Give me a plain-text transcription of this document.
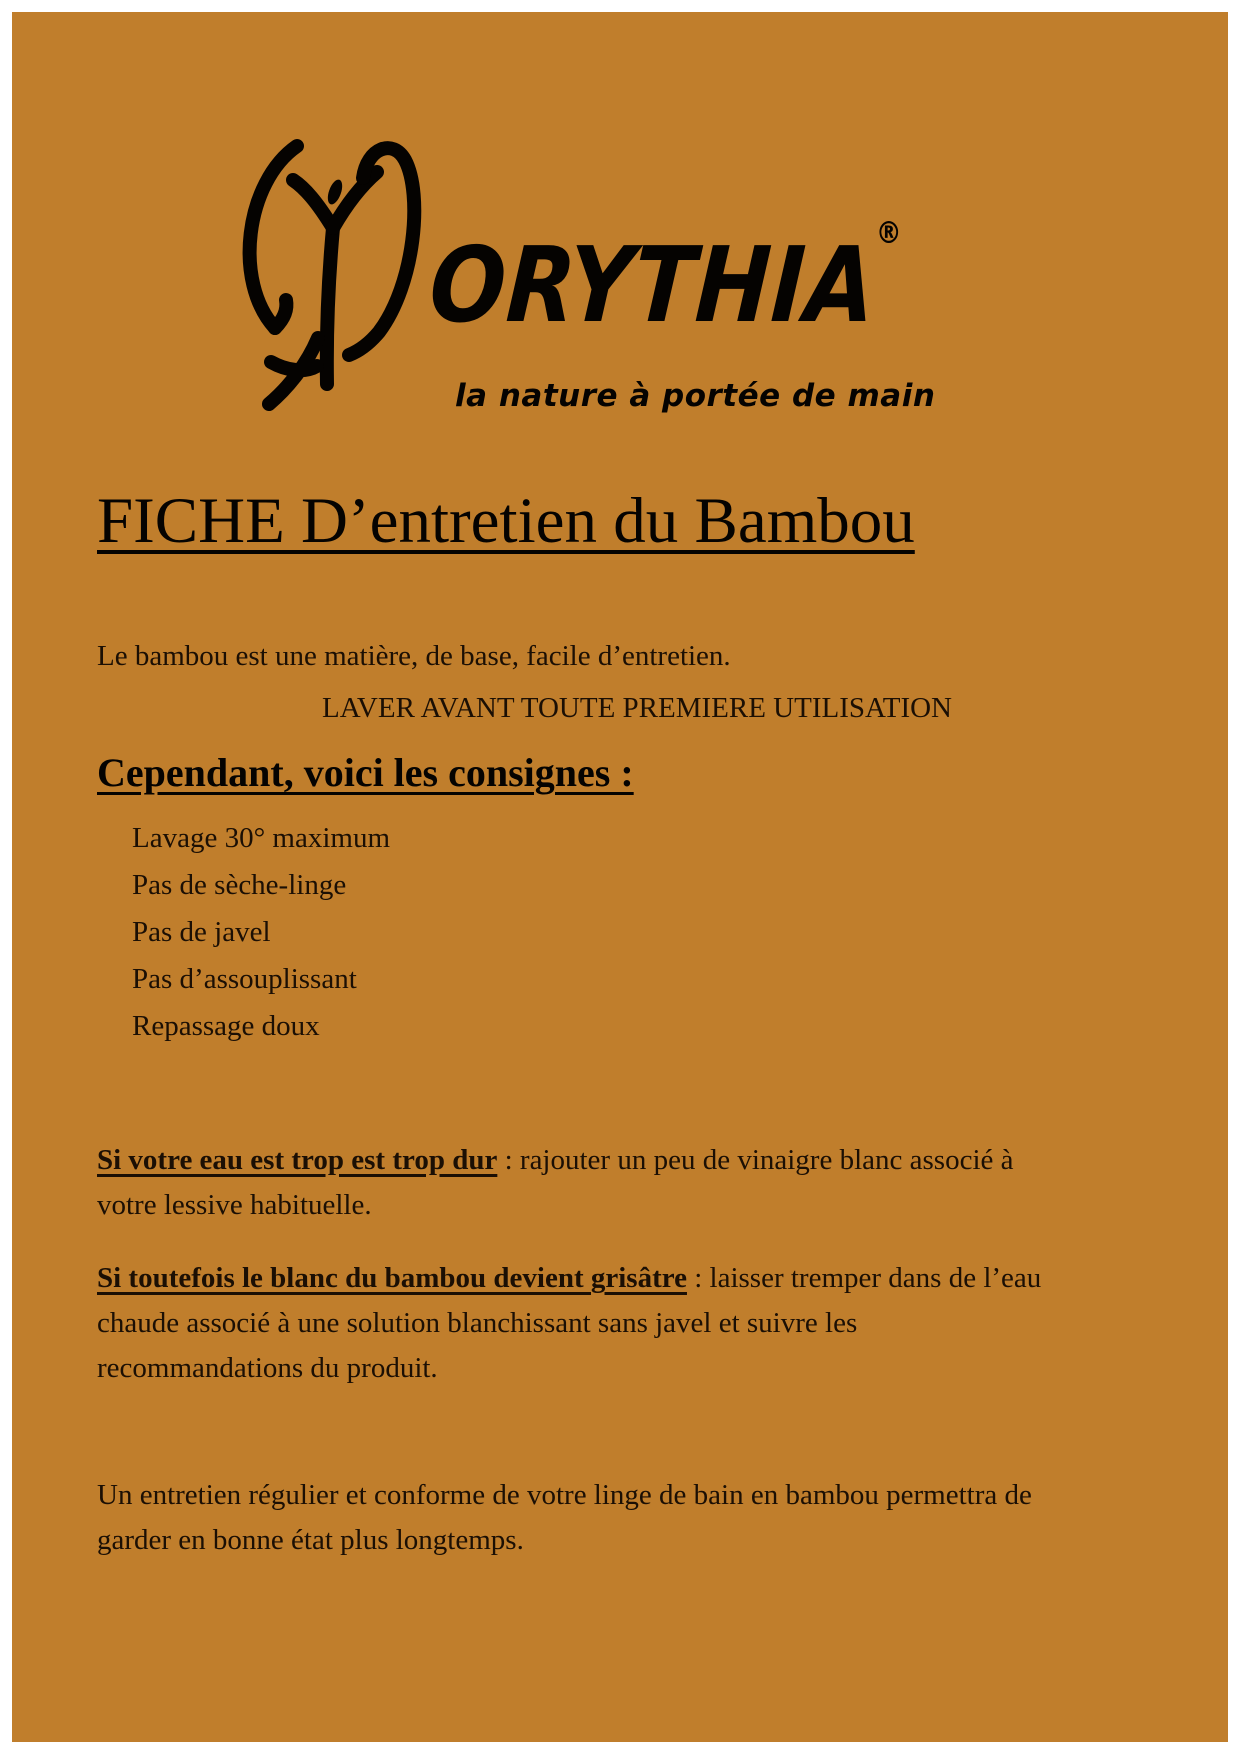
ORYTHIA®
la nature à portée de main
FICHE D’entretien du Bambou

Le bambou est une matière, de base, facile d’entretien.

LAVER AVANT TOUTE PREMIERE UTILISATION

Cependant, voici les consignes :
Lavage 30° maximum
Pas de sèche-linge
Pas de javel
Pas d’assouplissant
Repassage doux

Si votre eau est trop est trop dur : rajouter un peu de vinaigre blanc associé à votre lessive habituelle.

Si toutefois le blanc du bambou devient grisâtre : laisser tremper dans de l’eau chaude associé à une solution blanchissant sans javel et suivre les recommandations du produit.

Un entretien régulier et conforme de votre linge de bain en bambou permettra de garder en bonne état plus longtemps.
